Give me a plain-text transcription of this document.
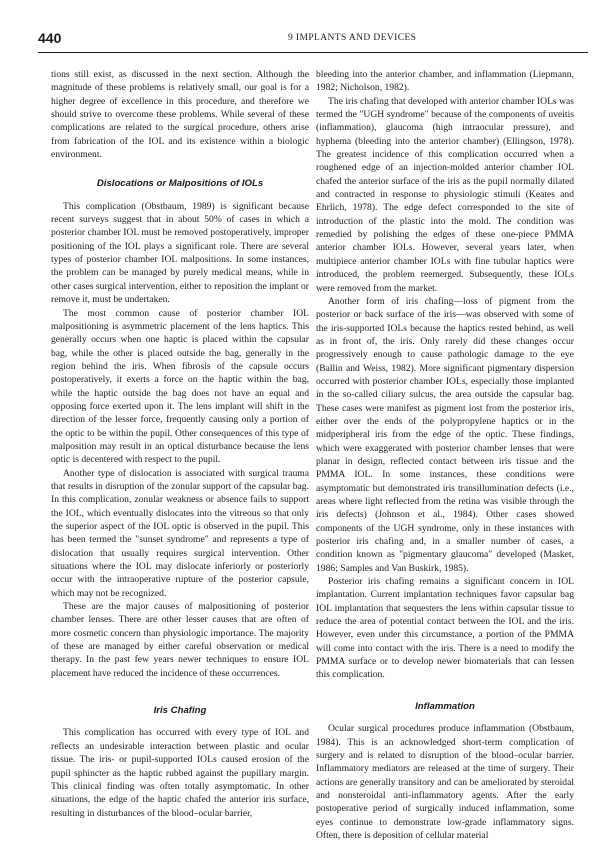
440	9 IMPLANTS AND DEVICES

tions still exist, as discussed in the next section. Although the magnitude of these problems is relatively small, our goal is for a higher degree of excellence in this procedure, and therefore we should strive to overcome these problems. While several of these complications are related to the surgical procedure, others arise from fabrication of the IOL and its existence within a biologic environment.

Dislocations or Malpositions of IOLs

This complication (Obstbaum, 1989) is significant because recent surveys suggest that in about 50% of cases in which a posterior chamber IOL must be removed postoperatively, improper positioning of the IOL plays a significant role. There are several types of posterior chamber IOL malpositions. In some instances, the problem can be managed by purely medical means, while in other cases surgical intervention, either to reposition the implant or remove it, must be undertaken.

The most common cause of posterior chamber IOL malpositioning is asymmetric placement of the lens haptics. This generally occurs when one haptic is placed within the capsular bag, while the other is placed outside the bag, generally in the region behind the iris. When fibrosis of the capsule occurs postoperatively, it exerts a force on the haptic within the bag, while the haptic outside the bag does not have an equal and opposing force exerted upon it. The lens implant will shift in the direction of the lesser force, frequently causing only a portion of the optic to be within the pupil. Other consequences of this type of malposition may result in an optical disturbance because the lens optic is decentered with respect to the pupil.

Another type of dislocation is associated with surgical trauma that results in disruption of the zonular support of the capsular bag. In this complication, zonular weakness or absence fails to support the IOL, which eventually dislocates into the vitreous so that only the superior aspect of the IOL optic is observed in the pupil. This has been termed the "sunset syndrome" and represents a type of dislocation that usually requires surgical intervention. Other situations where the IOL may dislocate inferiorly or posteriorly occur with the intraoperative rupture of the posterior capsule, which may not be recognized.

These are the major causes of malpositioning of posterior chamber lenses. There are other lesser causes that are often of more cosmetic concern than physiologic importance. The majority of these are managed by either careful observation or medical therapy. In the past few years newer techniques to ensure IOL placement have reduced the incidence of these occurrences.

Iris Chafing

This complication has occurred with every type of IOL and reflects an undesirable interaction between plastic and ocular tissue. The iris- or pupil-supported IOLs caused erosion of the pupil sphincter as the haptic rubbed against the pupillary margin. This clinical finding was often totally asymptomatic. In other situations, the edge of the haptic chafed the anterior iris surface, resulting in disturbances of the blood–ocular barrier,

bleeding into the anterior chamber, and inflammation (Liepmann, 1982; Nicholson, 1982).

The iris chafing that developed with anterior chamber IOLs was termed the "UGH syndrome" because of the components of uveitis (inflammation), glaucoma (high intraocular pressure), and hyphema (bleeding into the anterior chamber) (Ellingson, 1978). The greatest incidence of this complication occurred when a roughened edge of an injection-molded anterior chamber IOL chafed the anterior surface of the iris as the pupil normally dilated and contracted in response to physiologic stimuli (Keates and Ehrlich, 1978). The edge defect corresponded to the site of introduction of the plastic into the mold. The condition was remedied by polishing the edges of these one-piece PMMA anterior chamber IOLs. However, several years later, when multipiece anterior chamber IOLs with fine tubular haptics were introduced, the problem reemerged. Subsequently, these IOLs were removed from the market.

Another form of iris chafing—loss of pigment from the posterior or back surface of the iris—was observed with some of the iris-supported IOLs because the haptics rested behind, as well as in front of, the iris. Only rarely did these changes occur progressively enough to cause pathologic damage to the eye (Ballin and Weiss, 1982). More significant pigmentary dispersion occurred with posterior chamber IOLs, especially those implanted in the so-called ciliary sulcus, the area outside the capsular bag. These cases were manifest as pigment lost from the posterior iris, either over the ends of the polypropylene haptics or in the midperipheral iris from the edge of the optic. These findings, which were exaggerated with posterior chamber lenses that were planar in design, reflected contact between iris tissue and the PMMA IOL. In some instances, these conditions were asymptomatic but demonstrated iris transillumination defects (i.e., areas where light reflected from the retina was visible through the iris defects) (Johnson et al., 1984). Other cases showed components of the UGH syndrome, only in these instances with posterior iris chafing and, in a smaller number of cases, a condition known as "pigmentary glaucoma" developed (Masket, 1986; Samples and Van Buskirk, 1985).

Posterior iris chafing remains a significant concern in IOL implantation. Current implantation techniques favor capsular bag IOL implantation that sequesters the lens within capsular tissue to reduce the area of potential contact between the IOL and the iris. However, even under this circumstance, a portion of the PMMA will come into contact with the iris. There is a need to modify the PMMA surface or to develop newer biomaterials that can lessen this complication.

Inflammation

Ocular surgical procedures produce inflammation (Obstbaum, 1984). This is an acknowledged short-term complication of surgery and is related to disruption of the blood–ocular barrier. Inflammatory mediators are released at the time of surgery. Their actions are generally transitory and can be ameliorated by steroidal and nonsteroidal anti-inflammatory agents. After the early postoperative period of surgically induced inflammation, some eyes continue to demonstrate low-grade inflammatory signs. Often, there is deposition of cellular material
